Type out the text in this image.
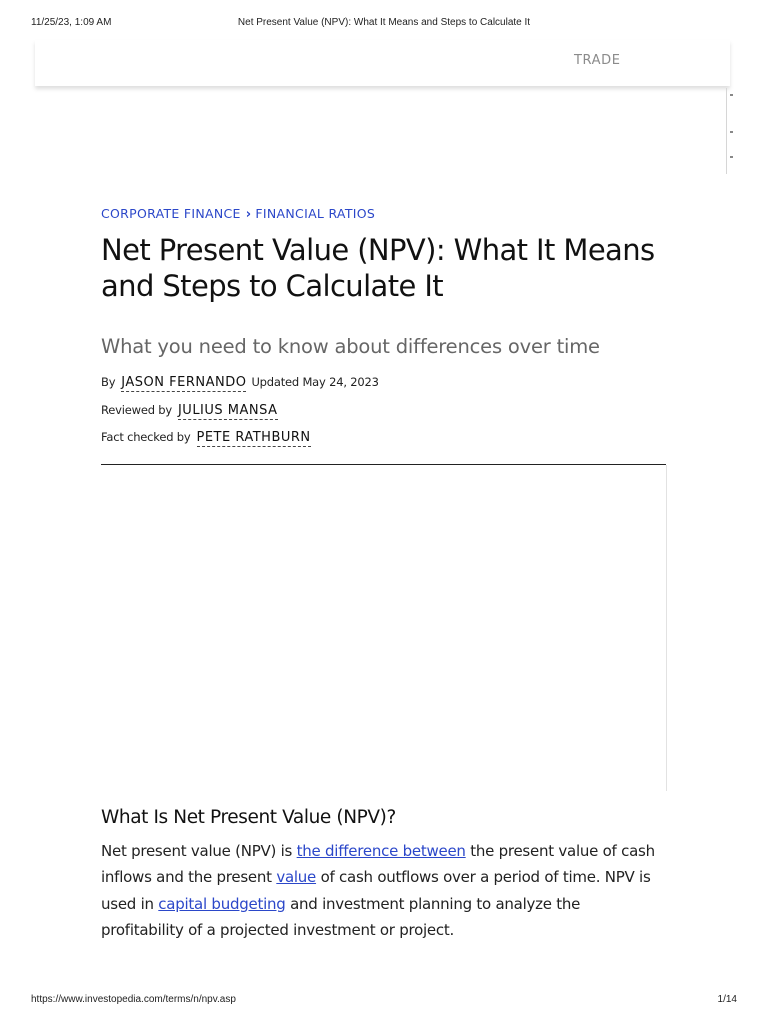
11/25/23, 1:09 AM	Net Present Value (NPV): What It Means and Steps to Calculate It
TRADE
CORPORATE FINANCE › FINANCIAL RATIOS
Net Present Value (NPV): What It Means and Steps to Calculate It
What you need to know about differences over time
By JASON FERNANDO Updated May 24, 2023
Reviewed by JULIUS MANSA
Fact checked by PETE RATHBURN
What Is Net Present Value (NPV)?

Net present value (NPV) is the difference between the present value of cash inflows and the present value of cash outflows over a period of time. NPV is used in capital budgeting and investment planning to analyze the profitability of a projected investment or project.

https://www.investopedia.com/terms/n/npv.asp	1/14
